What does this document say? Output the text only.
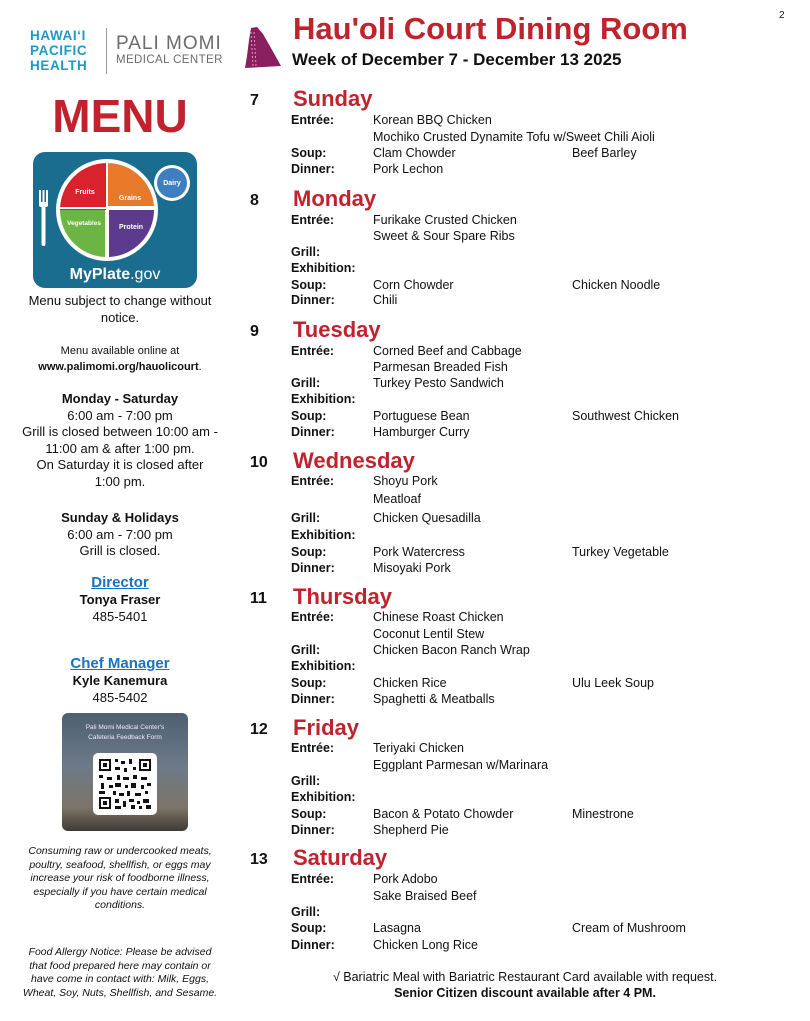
HAWAI‘I
PACIFIC
HEALTH
PALI MOMI
MEDICAL CENTER
Hau'oli Court Dining Room
Week of December 7 - December 13 2025
2
MENU
Fruits
Grains
Vegetables
Protein
Dairy
MyPlate.gov
Menu subject to change without
notice.
Menu available online at
www.palimomi.org/hauolicourt.
Monday - Saturday
6:00 am - 7:00 pm
Grill is closed between 10:00 am -
11:00 am & after 1:00 pm.
On Saturday it is closed after
1:00 pm.
Sunday & Holidays
6:00 am - 7:00 pm
Grill is closed.
Director
Tonya Fraser
485-5401
Chef Manager
Kyle Kanemura
485-5402
Pali Momi Medical Center's
Cafeteria Feedback Form
Consuming raw or undercooked meats,
poultry, seafood, shellfish, or eggs may
increase your risk of foodborne illness,
especially if you have certain medical
conditions.
Food Allergy Notice: Please be advised
that food prepared here may contain or
have come in contact with: Milk, Eggs,
Wheat, Soy, Nuts, Shellfish, and Sesame.
7	Sunday
Entrée:	Korean BBQ Chicken
Mochiko Crusted Dynamite Tofu w/Sweet Chili Aioli
Soup:	Clam Chowder	Beef Barley
Dinner:	Pork Lechon
8	Monday
Entrée:	Furikake Crusted Chicken
Sweet & Sour Spare Ribs
Grill:
Exhibition:
Soup:	Corn Chowder	Chicken Noodle
Dinner:	Chili
9	Tuesday
Entrée:	Corned Beef and Cabbage
Parmesan Breaded Fish
Grill:	Turkey Pesto Sandwich
Exhibition:
Soup:	Portuguese Bean	Southwest Chicken
Dinner:	Hamburger Curry
10	Wednesday
Entrée:	Shoyu Pork
Meatloaf
Grill:	Chicken Quesadilla
Exhibition:
Soup:	Pork Watercress	Turkey Vegetable
Dinner:	Misoyaki Pork
11	Thursday
Entrée:	Chinese Roast Chicken
Coconut Lentil Stew
Grill:	Chicken Bacon Ranch Wrap
Exhibition:
Soup:	Chicken Rice	Ulu Leek Soup
Dinner:	Spaghetti & Meatballs
12	Friday
Entrée:	Teriyaki Chicken
Eggplant Parmesan w/Marinara
Grill:
Exhibition:
Soup:	Bacon & Potato Chowder	Minestrone
Dinner:	Shepherd Pie
13	Saturday
Entrée:	Pork Adobo
Sake Braised Beef
Grill:
Soup:	Lasagna	Cream of Mushroom
Dinner:	Chicken Long Rice
√ Bariatric Meal with Bariatric Restaurant Card available with request.
Senior Citizen discount available after 4 PM.
